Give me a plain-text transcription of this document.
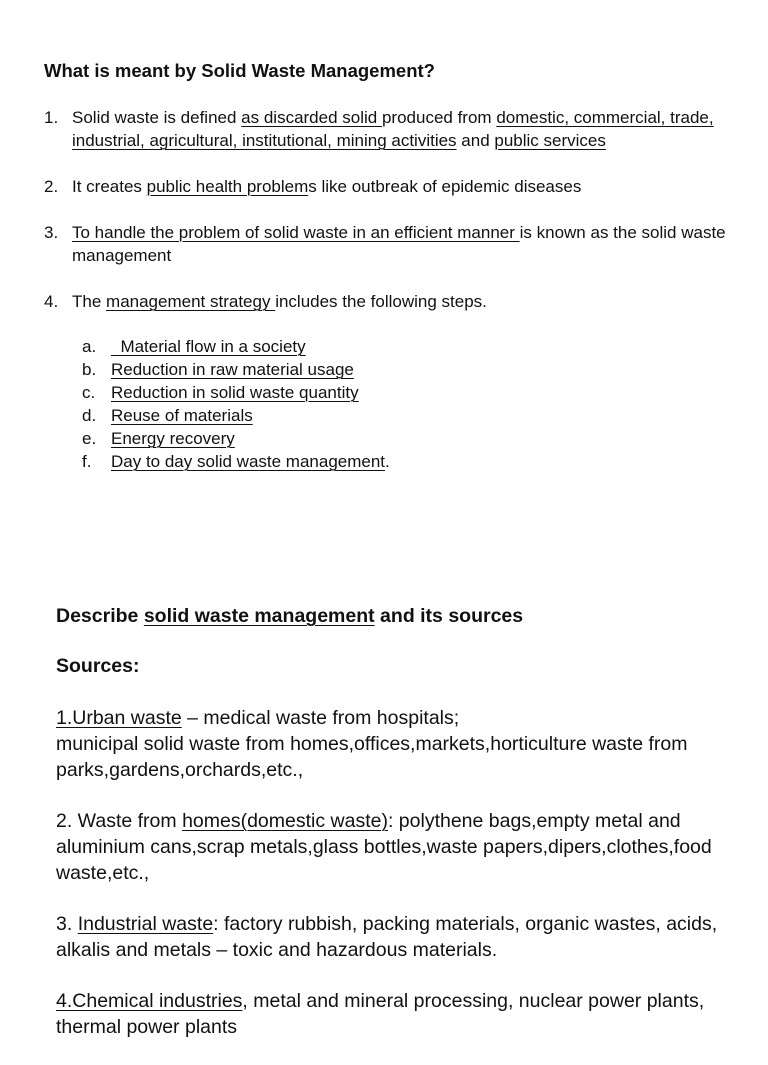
What is meant by Solid Waste Management?
1. Solid waste is defined as discarded solid produced from domestic, commercial, trade, industrial, agricultural, institutional, mining activities and public services
2. It creates public health problems like outbreak of epidemic diseases
3. To handle the problem of solid waste in an efficient manner is known as the solid waste management
4. The management strategy includes the following steps.
a. Material flow in a society
b. Reduction in raw material usage
c. Reduction in solid waste quantity
d. Reuse of materials
e. Energy recovery
f. Day to day solid waste management.

Describe solid waste management and its sources

Sources:

1.Urban waste – medical waste from hospitals;
municipal solid waste from homes,offices,markets,horticulture waste from parks,gardens,orchards,etc.,

2. Waste from homes(domestic waste): polythene bags,empty metal and aluminium cans,scrap metals,glass bottles,waste papers,dipers,clothes,food waste,etc.,

3. Industrial waste: factory rubbish, packing materials, organic wastes, acids, alkalis and metals – toxic and hazardous materials.

4.Chemical industries, metal and mineral processing, nuclear power plants, thermal power plants
